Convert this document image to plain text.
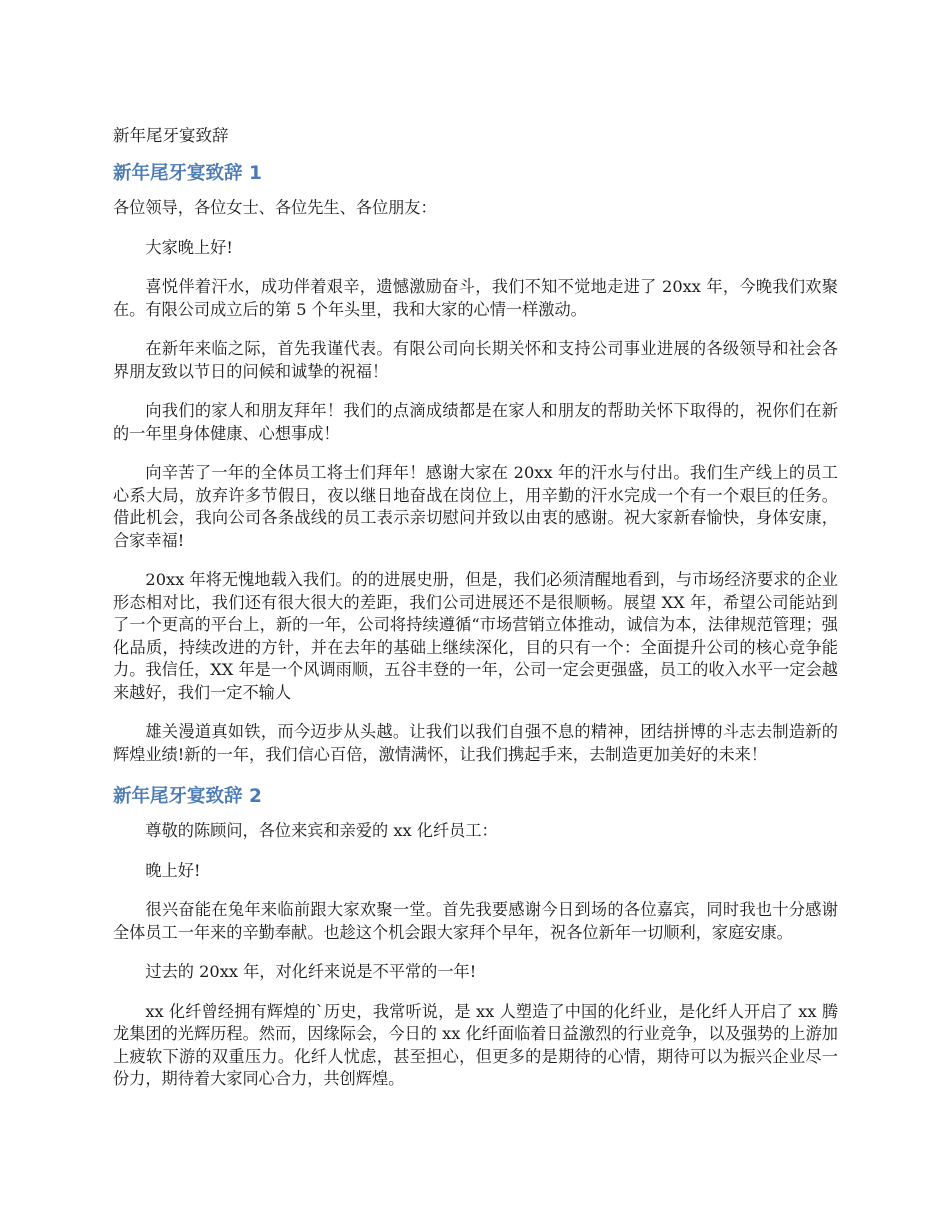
新年尾牙宴致辞
新年尾牙宴致辞 1

各位领导，各位女士、各位先生、各位朋友：

大家晚上好!

喜悦伴着汗水，成功伴着艰辛，遗憾激励奋斗，我们不知不觉地走进了 20xx 年，今晚我们欢聚在。有限公司成立后的第 5 个年头里，我和大家的心情一样激动。

在新年来临之际，首先我谨代表。有限公司向长期关怀和支持公司事业进展的各级领导和社会各界朋友致以节日的问候和诚挚的祝福！

向我们的家人和朋友拜年！我们的点滴成绩都是在家人和朋友的帮助关怀下取得的，祝你们在新的一年里身体健康、心想事成！

向辛苦了一年的全体员工将士们拜年！感谢大家在 20xx 年的汗水与付出。我们生产线上的员工心系大局，放弃许多节假日，夜以继日地奋战在岗位上，用辛勤的汗水完成一个有一个艰巨的任务。借此机会，我向公司各条战线的员工表示亲切慰问并致以由衷的感谢。祝大家新春愉快，身体安康，合家幸福!

20xx 年将无愧地载入我们。的的进展史册，但是，我们必须清醒地看到，与市场经济要求的企业形态相对比，我们还有很大很大的差距，我们公司进展还不是很顺畅。展望 XX 年，希望公司能站到了一个更高的平台上，新的一年，公司将持续遵循“市场营销立体推动，诚信为本，法律规范管理；强化品质，持续改进的方针，并在去年的基础上继续深化，目的只有一个：全面提升公司的核心竞争能力。我信任，XX 年是一个风调雨顺，五谷丰登的一年，公司一定会更强盛，员工的收入水平一定会越来越好，我们一定不输人

雄关漫道真如铁，而今迈步从头越。让我们以我们自强不息的精神，团结拼博的斗志去制造新的辉煌业绩!新的一年，我们信心百倍，激情满怀，让我们携起手来，去制造更加美好的未来！

新年尾牙宴致辞 2

尊敬的陈顾问，各位来宾和亲爱的 xx 化纤员工：

晚上好!

很兴奋能在兔年来临前跟大家欢聚一堂。首先我要感谢今日到场的各位嘉宾，同时我也十分感谢全体员工一年来的辛勤奉献。也趁这个机会跟大家拜个早年，祝各位新年一切顺利，家庭安康。

过去的 20xx 年，对化纤来说是不平常的一年!

xx 化纤曾经拥有辉煌的`历史，我常听说，是 xx 人塑造了中国的化纤业，是化纤人开启了 xx 腾龙集团的光辉历程。然而，因缘际会，今日的 xx 化纤面临着日益激烈的行业竞争，以及强势的上游加上疲软下游的双重压力。化纤人忧虑，甚至担心，但更多的是期待的心情，期待可以为振兴企业尽一份力，期待着大家同心合力，共创辉煌。
